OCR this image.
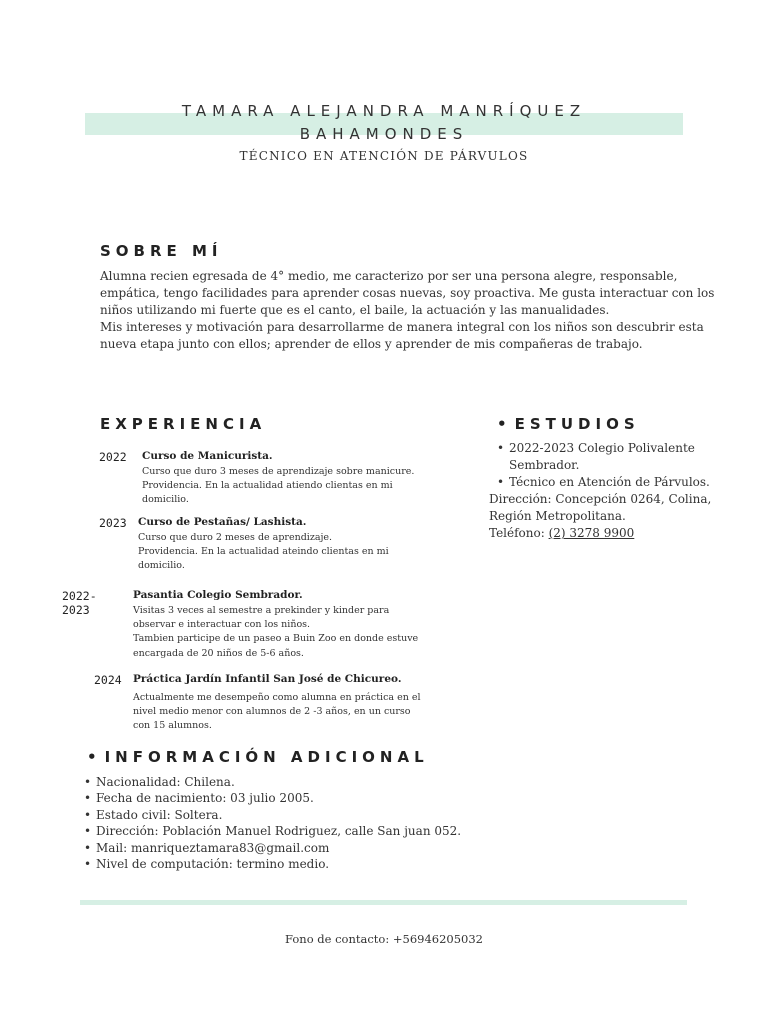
TAMARA ALEJANDRA MANRÍQUEZ
BAHAMONDES
TÉCNICO EN ATENCIÓN DE PÁRVULOS
SOBRE MÍ
Alumna recien egresada de 4° medio, me caracterizo por ser una persona alegre, responsable, empática, tengo facilidades para aprender cosas nuevas, soy proactiva. Me gusta interactuar con los niños utilizando mi fuerte que es el canto, el baile, la actuación y las manualidades.
Mis intereses y motivación para desarrollarme de manera integral con los niños son descubrir esta nueva etapa junto con ellos; aprender de ellos y aprender de mis compañeras de trabajo.
EXPERIENCIA
2022 Curso de Manicurista.
Curso que duro 3 meses de aprendizaje sobre manicure.
Providencia. En la actualidad atiendo clientas en mi
domicilio.
2023 Curso de Pestañas/ Lashista.
Curso que duro 2 meses de aprendizaje.
Providencia. En la actualidad ateindo clientas en mi
domicilio.
2022-2023
Pasantia Colegio Sembrador.
Visitas 3 veces al semestre a prekinder y kinder para
observar e interactuar con los niños.
Tambien participe de un paseo a Buin Zoo en donde estuve
encargada de 20 niños de 5-6 años.
2024 Práctica Jardín Infantil San José de Chicureo.
Actualmente me desempeño como alumna en práctica en el
nivel medio menor con alumnos de 2 -3 años, en un curso
con 15 alumnos.
• ESTUDIOS
• 2022-2023 Colegio Polivalente Sembrador.
• Técnico en Atención de Párvulos.
Dirección: Concepción 0264, Colina, Región Metropolitana.
Teléfono: (2) 3278 9900
• INFORMACIÓN ADICIONAL
• Nacionalidad: Chilena.
• Fecha de nacimiento: 03 julio 2005.
• Estado civil: Soltera.
• Dirección: Población Manuel Rodriguez, calle San juan 052.
• Mail: manriqueztamara83@gmail.com
• Nivel de computación: termino medio.
Fono de contacto: +56946205032
